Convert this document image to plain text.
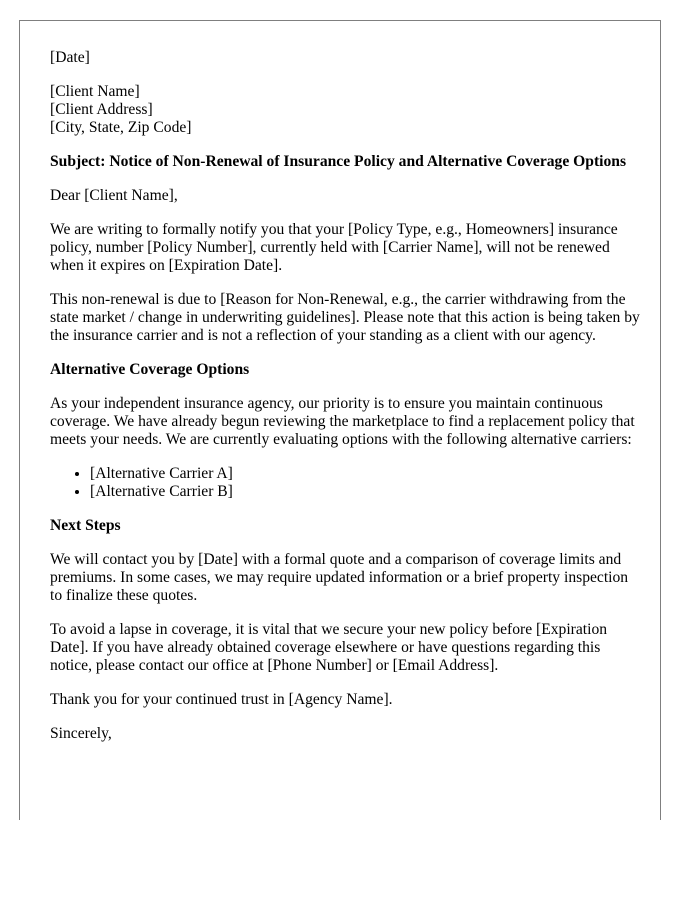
[Date]

[Client Name]
[Client Address]
[City, State, Zip Code]

Subject: Notice of Non-Renewal of Insurance Policy and Alternative Coverage Options

Dear [Client Name],

We are writing to formally notify you that your [Policy Type, e.g., Homeowners] insurance policy, number [Policy Number], currently held with [Carrier Name], will not be renewed when it expires on [Expiration Date].

This non-renewal is due to [Reason for Non-Renewal, e.g., the carrier withdrawing from the state market / change in underwriting guidelines]. Please note that this action is being taken by the insurance carrier and is not a reflection of your standing as a client with our agency.

Alternative Coverage Options

As your independent insurance agency, our priority is to ensure you maintain continuous coverage. We have already begun reviewing the marketplace to find a replacement policy that meets your needs. We are currently evaluating options with the following alternative carriers:

• [Alternative Carrier A]
• [Alternative Carrier B]

Next Steps

We will contact you by [Date] with a formal quote and a comparison of coverage limits and premiums. In some cases, we may require updated information or a brief property inspection to finalize these quotes.

To avoid a lapse in coverage, it is vital that we secure your new policy before [Expiration Date]. If you have already obtained coverage elsewhere or have questions regarding this notice, please contact our office at [Phone Number] or [Email Address].

Thank you for your continued trust in [Agency Name].

Sincerely,
